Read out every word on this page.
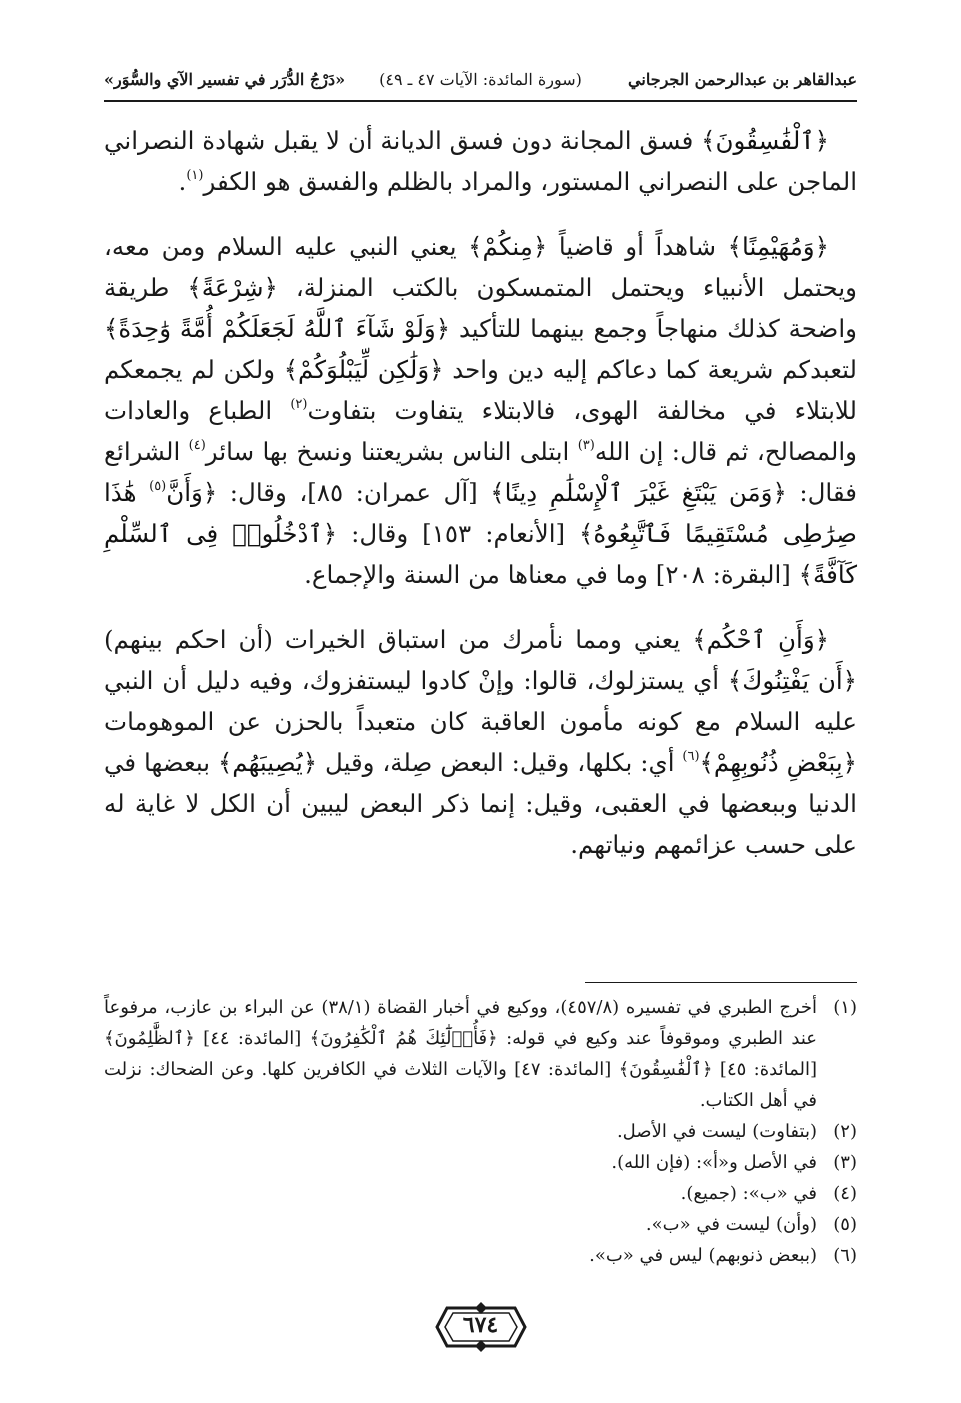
عبدالقاهر بن عبدالرحمن الجرجاني
(سورة المائدة: الآيات ٤٧ ـ ٤٩)
«دَرْجُ الدُّرَر في تفسير الآي والسُّوَر»

﴿ٱلْفَٰسِقُونَ﴾ فسق المجانة دون فسق الديانة أن لا يقبل شهادة النصراني الماجن على النصراني المستور، والمراد بالظلم والفسق هو الكفر$^{(١)}$.

﴿وَمُهَيْمِنًا﴾ شاهداً أو قاضياً ﴿مِنكُمْ﴾ يعني النبي عليه السلام ومن معه، ويحتمل الأنبياء ويحتمل المتمسكون بالكتب المنزلة، ﴿شِرْعَةً﴾ طريقة واضحة كذلك منهاجاً وجمع بينهما للتأكيد ﴿وَلَوْ شَآءَ ٱللَّهُ لَجَعَلَكُمْ أُمَّةً وَٰحِدَةً﴾ لتعبدكم شريعة كما دعاكم إليه دين واحد ﴿وَلَٰكِن لِّيَبْلُوَكُمْ﴾ ولكن لم يجمعكم للابتلاء في مخالفة الهوى، فالابتلاء يتفاوت بتفاوت$^{(٢)}$ الطباع والعادات والمصالح، ثم قال: إن الله$^{(٣)}$ ابتلى الناس بشريعتنا ونسخ بها سائر$^{(٤)}$ الشرائع فقال: ﴿وَمَن يَبْتَغِ غَيْرَ ٱلْإِسْلَٰمِ دِينًا﴾ [آل عمران: ٨٥]، وقال: ﴿وَأَنَّ$^{(٥)}$ هَٰذَا صِرَٰطِى مُسْتَقِيمًا فَٱتَّبِعُوهُ﴾ [الأنعام: ١٥٣] وقال: ﴿ٱدْخُلُوا۟ فِى ٱلسِّلْمِ كَآفَّةً﴾ [البقرة: ٢٠٨] وما في معناها من السنة والإجماع.

﴿وَأَنِ ٱحْكُم﴾ يعني ومما نأمرك من استباق الخيرات (أن احكم بينهم) ﴿أَن يَفْتِنُوكَ﴾ أي يستزلوك، قالوا: وإنْ كادوا ليستفزوك، وفيه دليل أن النبي عليه السلام مع كونه مأمون العاقبة كان متعبداً بالحزن عن الموهومات ﴿بِبَعْضِ ذُنُوبِهِمْ﴾$^{(٦)}$ أي: بكلها، وقيل: البعض صِلة، وقيل ﴿يُصِيبَهُم﴾ ببعضها في الدنيا وببعضها في العقبى، وقيل: إنما ذكر البعض ليبين أن الكل لا غاية له على حسب عزائمهم ونياتهم.

(١)
أخرج الطبري في تفسيره (٤٥٧/٨)، ووكيع في أخبار القضاة (٣٨/١) عن البراء بن عازب، مرفوعاً عند الطبري وموقوفاً عند وكيع في قوله: ﴿فَأُو۟لَٰٓئِكَ هُمُ ٱلْكَٰفِرُونَ﴾ [المائدة: ٤٤] ﴿ٱلظَّٰلِمُونَ﴾ [المائدة: ٤٥] ﴿ٱلْفَٰسِقُونَ﴾ [المائدة: ٤٧] والآيات الثلاث في الكافرين كلها. وعن الضحاك: نزلت في أهل الكتاب.
(٢)
(بتفاوت) ليست في الأصل.
(٣)
في الأصل و«أ»: (فإن الله).
(٤)
في «ب»: (جميع).
(٥)
(وأن) ليست في «ب».
(٦)
(ببعض ذنوبهم) ليس في «ب».
٦٧٤
